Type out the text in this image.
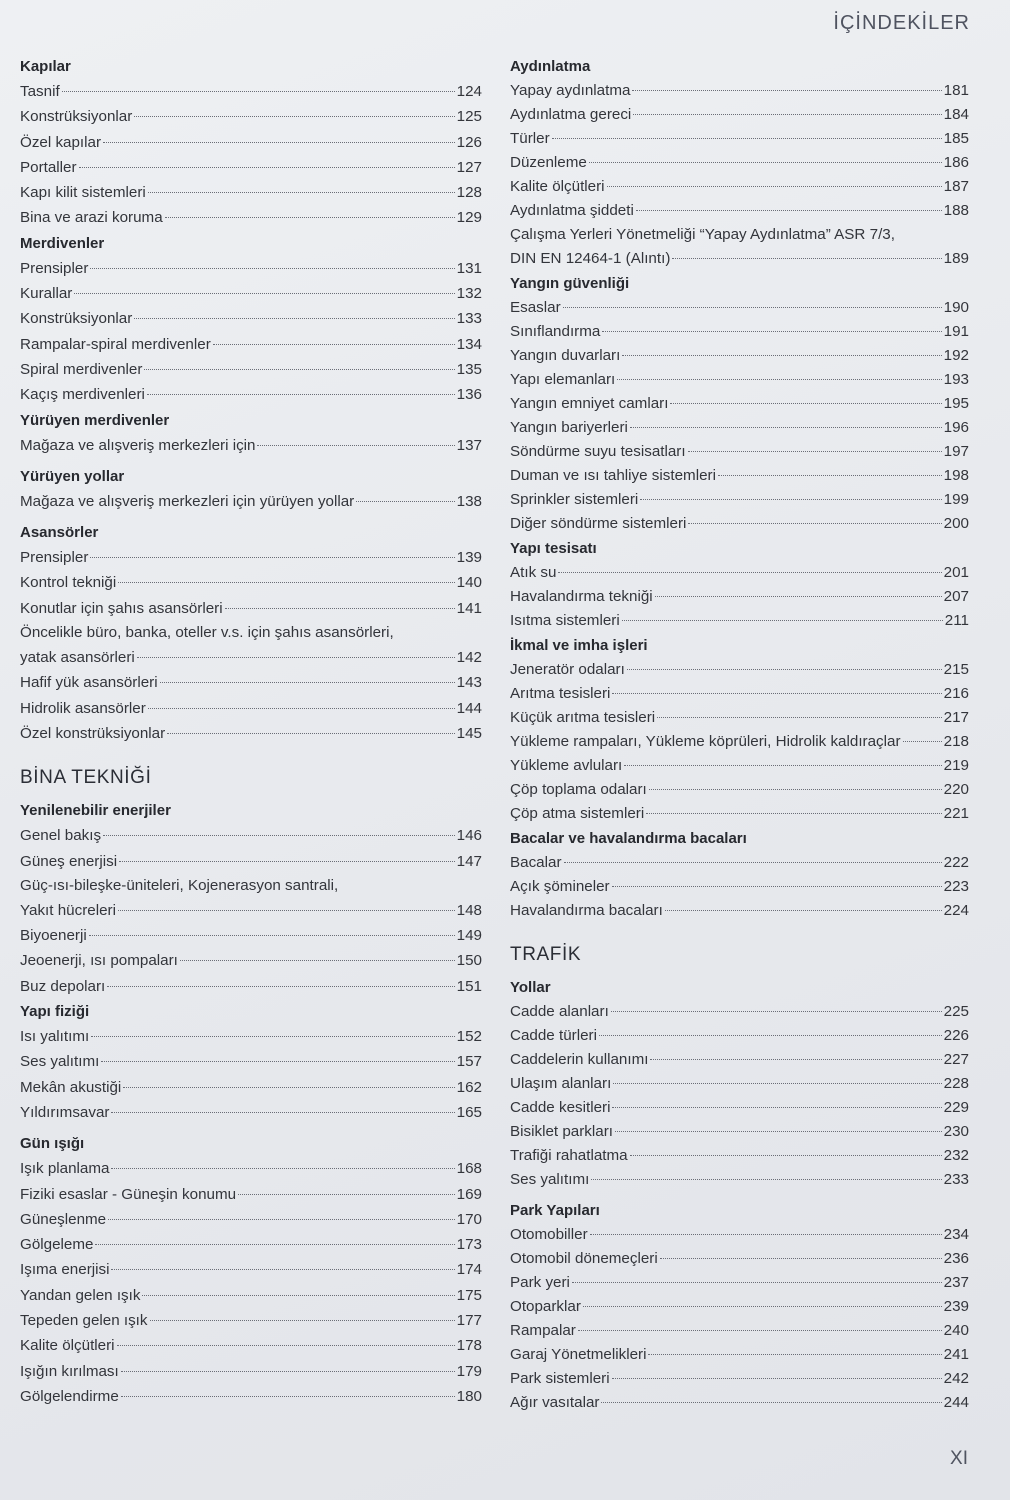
İÇİNDEKİLER
Kapılar
Tasnif	124
Konstrüksiyonlar	125
Özel kapılar	126
Portaller	127
Kapı kilit sistemleri	128
Bina ve arazi koruma	129
Merdivenler
Prensipler	131
Kurallar	132
Konstrüksiyonlar	133
Rampalar-spiral merdivenler	134
Spiral merdivenler	135
Kaçış merdivenleri	136
Yürüyen merdivenler
Mağaza ve alışveriş merkezleri için	137
Yürüyen yollar
Mağaza ve alışveriş merkezleri için yürüyen yollar	138
Asansörler
Prensipler	139
Kontrol tekniği	140
Konutlar için şahıs asansörleri	141
Öncelikle büro, banka, oteller v.s. için şahıs asansörleri,
yatak asansörleri	142
Hafif yük asansörleri	143
Hidrolik asansörler	144
Özel konstrüksiyonlar	145
BİNA TEKNİĞİ
Yenilenebilir enerjiler
Genel bakış	146
Güneş enerjisi	147
Güç-ısı-bileşke-üniteleri, Kojenerasyon santrali,
Yakıt hücreleri	148
Biyoenerji	149
Jeoenerji, ısı pompaları	150
Buz depoları	151
Yapı fiziği
Isı yalıtımı	152
Ses yalıtımı	157
Mekân akustiği	162
Yıldırımsavar	165
Gün ışığı
Işık planlama	168
Fiziki esaslar - Güneşin konumu	169
Güneşlenme	170
Gölgeleme	173
Işıma enerjisi	174
Yandan gelen ışık	175
Tepeden gelen ışık	177
Kalite ölçütleri	178
Işığın kırılması	179
Gölgelendirme	180
Aydınlatma
Yapay aydınlatma	181
Aydınlatma gereci	184
Türler	185
Düzenleme	186
Kalite ölçütleri	187
Aydınlatma şiddeti	188
Çalışma Yerleri Yönetmeliği “Yapay Aydınlatma” ASR 7/3,
DIN EN 12464-1 (Alıntı)	189
Yangın güvenliği
Esaslar	190
Sınıflandırma	191
Yangın duvarları	192
Yapı elemanları	193
Yangın emniyet camları	195
Yangın bariyerleri	196
Söndürme suyu tesisatları	197
Duman ve ısı tahliye sistemleri	198
Sprinkler sistemleri	199
Diğer söndürme sistemleri	200
Yapı tesisatı
Atık su	201
Havalandırma tekniği	207
Isıtma sistemleri	211
İkmal ve imha işleri
Jeneratör odaları	215
Arıtma tesisleri	216
Küçük arıtma tesisleri	217
Yükleme rampaları, Yükleme köprüleri, Hidrolik kaldıraçlar	218
Yükleme avluları	219
Çöp toplama odaları	220
Çöp atma sistemleri	221
Bacalar ve havalandırma bacaları
Bacalar	222
Açık şömineler	223
Havalandırma bacaları	224
TRAFİK
Yollar
Cadde alanları	225
Cadde türleri	226
Caddelerin kullanımı	227
Ulaşım alanları	228
Cadde kesitleri	229
Bisiklet parkları	230
Trafiği rahatlatma	232
Ses yalıtımı	233
Park Yapıları
Otomobiller	234
Otomobil dönemeçleri	236
Park yeri	237
Otoparklar	239
Rampalar	240
Garaj Yönetmelikleri	241
Park sistemleri	242
Ağır vasıtalar	244
XI
